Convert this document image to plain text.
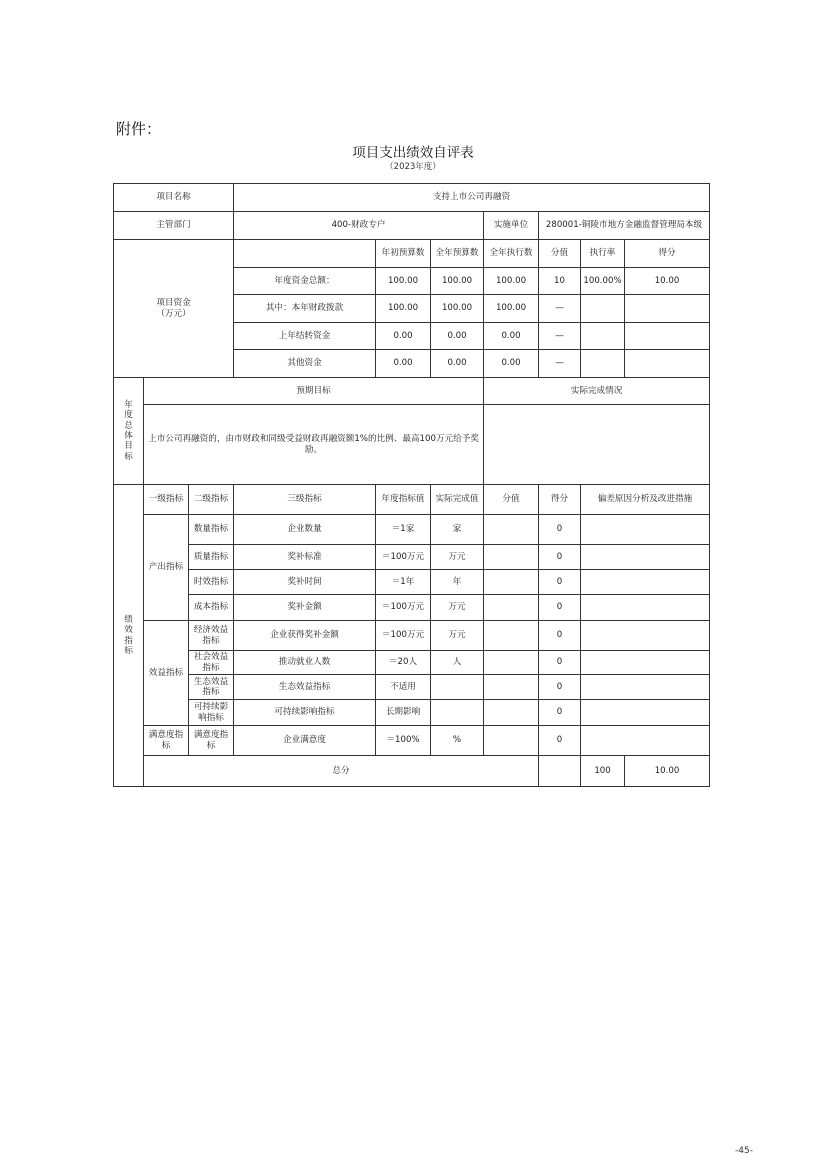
附件：
项目支出绩效自评表
（2023年度）
项目名称			支持上市公司再融资							
主管部门			400-财政专户			实施单位	280001-铜陵市地方金融监督管理局本级			
项目资金
（万元）				年初预算数	全年预算数	全年执行数	分值	执行率	得分	
			年度资金总额：	100.00	100.00	100.00	10	100.00%	10.00	
			其中：本年财政拨款	100.00	100.00	100.00	—			
			上年结转资金	0.00	0.00	0.00	—			
			其他资金	0.00	0.00	0.00	—			

年度总体目标	预期目标					实际完成情况				
	上市公司再融资的，由市财政和同级受益财政再融资额1%的比例、最高100万元给予奖励。									

绩效指标	一级指标	二级指标	三级指标	年度指标值	实际完成值	分值	得分	偏差原因分析及改进措施		
	产出指标	数量指标	企业数量	＝1家	家		0			
		质量指标	奖补标准	＝100万元	万元		0			
		时效指标	奖补时间	＝1年	年		0			
		成本指标	奖补金额	＝100万元	万元		0			
	效益指标	经济效益指标	企业获得奖补金额	＝100万元	万元		0			
		社会效益指标	推动就业人数	＝20人	人		0			
		生态效益指标	生态效益指标	不适用			0			
		可持续影响指标	可持续影响指标	长期影响			0			
	满意度指标	满意度指标	企业满意度	＝100%	%		0			
	总分							100	10.00	
-45-
